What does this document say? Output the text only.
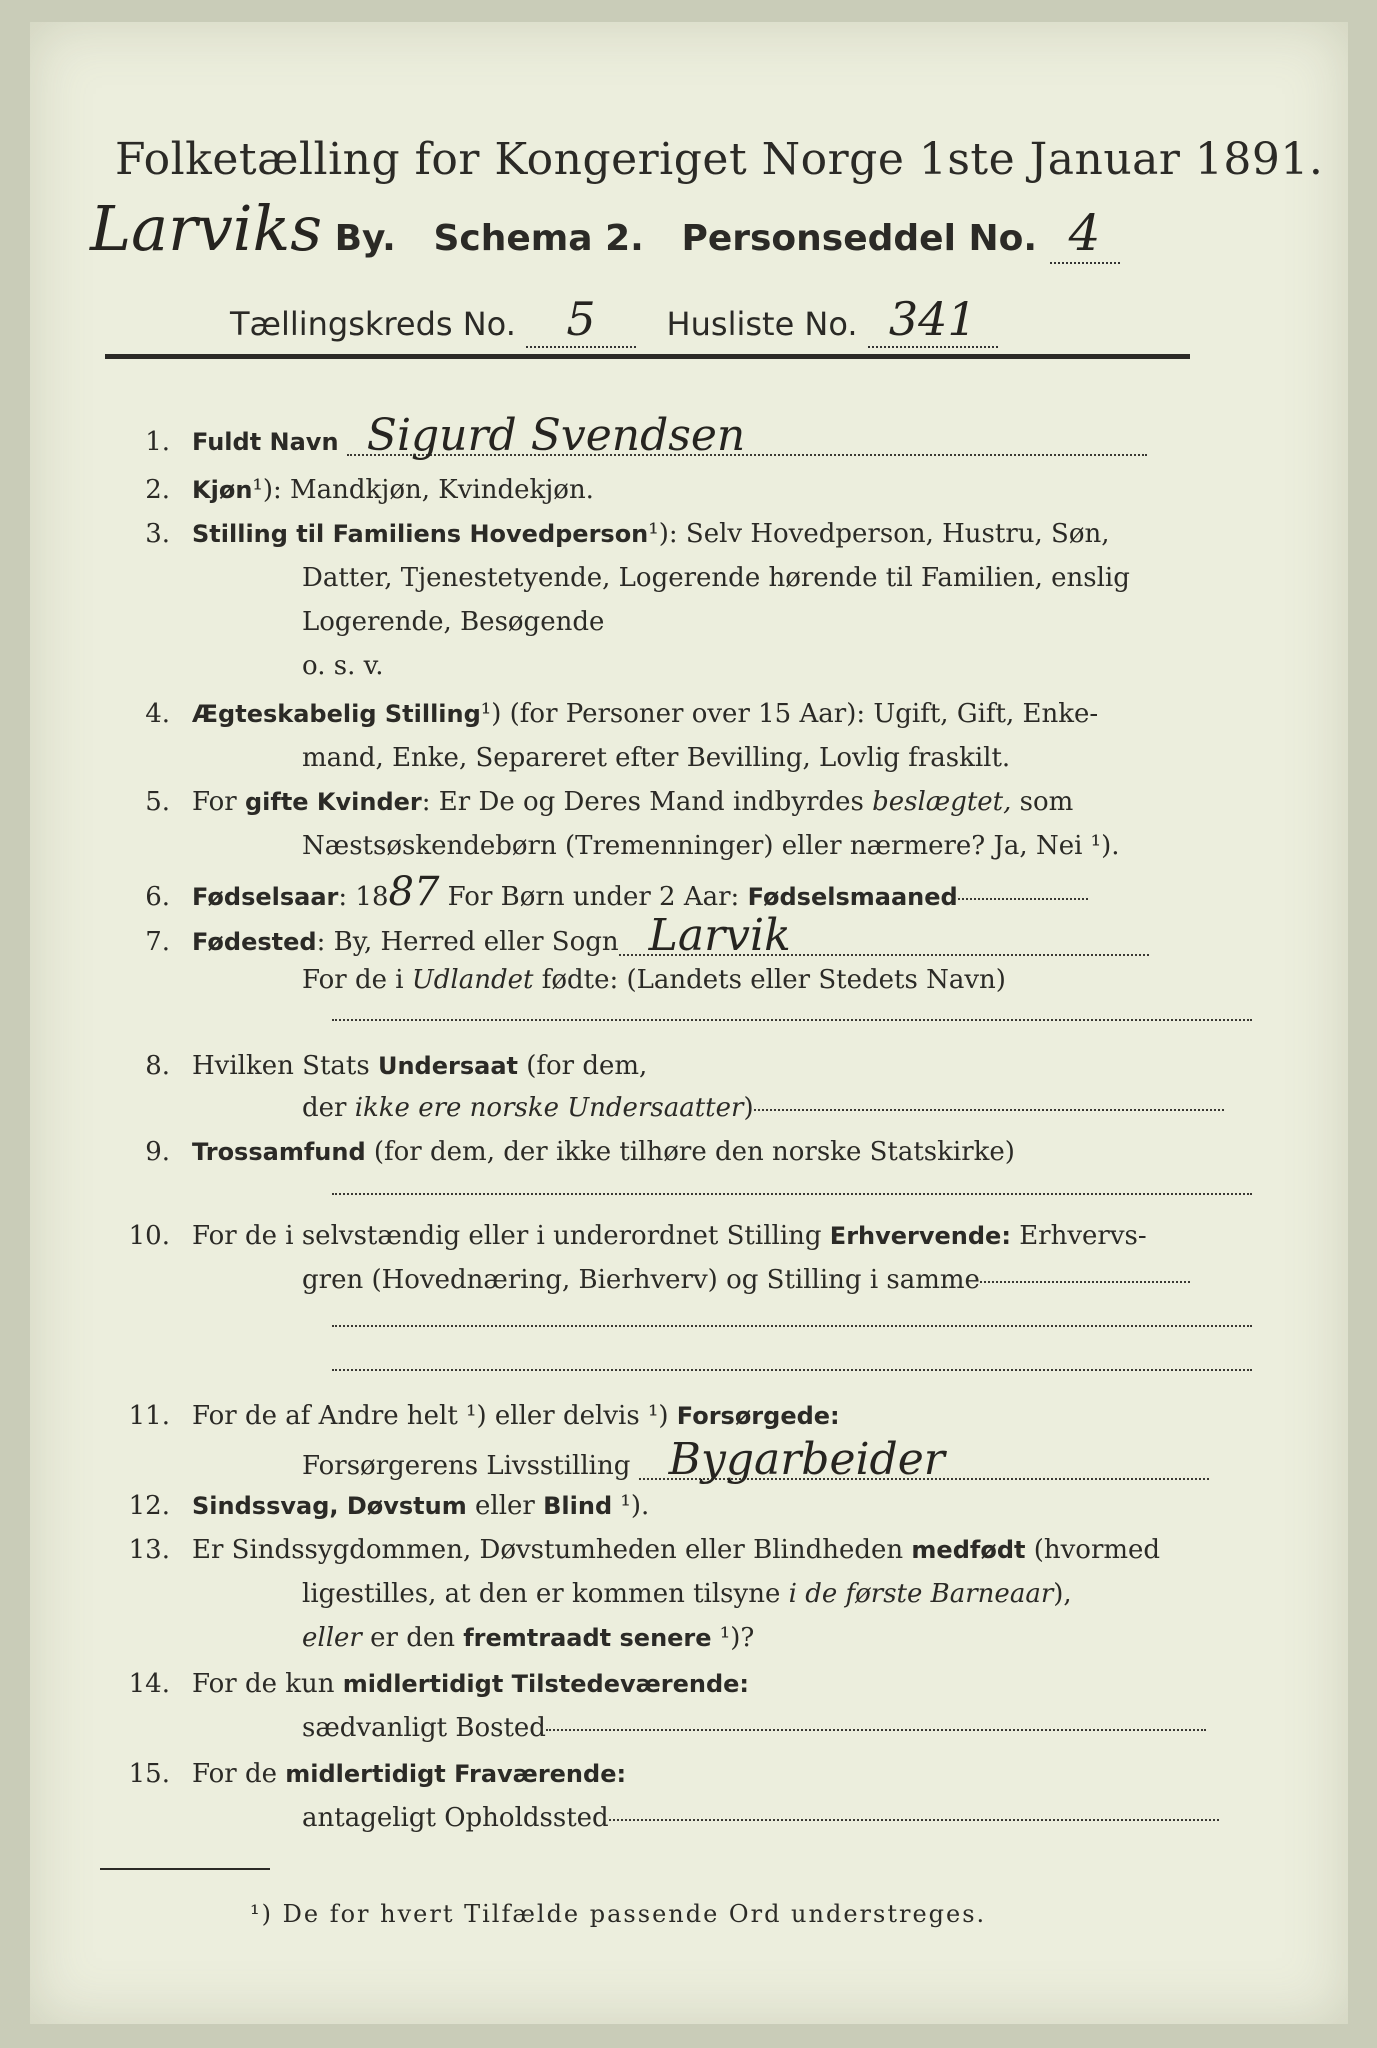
Folketælling for Kongeriget Norge 1ste Januar 1891.
Larviks By. Schema 2. Personseddel No. 4
Tællingskreds No. 5 Husliste No. 341
1. Fuldt Navn Sigurd Svendsen
2. Kjøn¹): Mandkjøn, Kvindekjøn.
3. Stilling til Familiens Hovedperson¹): Selv Hovedperson, Hustru, Søn,
Datter, Tjenestetyende, Logerende hørende til Familien, enslig
Logerende, Besøgende
o. s. v.
4. Ægteskabelig Stilling¹) (for Personer over 15 Aar): Ugift, Gift, Enke-
mand, Enke, Separeret efter Bevilling, Lovlig fraskilt.
5. For gifte Kvinder: Er De og Deres Mand indbyrdes beslægtet, som
Næstsøskendebørn (Tremenninger) eller nærmere? Ja, Nei ¹).
6. Fødselsaar: 1887 For Børn under 2 Aar: Fødselsmaaned
7. Fødested: By, Herred eller Sogn Larvik
For de i Udlandet fødte: (Landets eller Stedets Navn)
8. Hvilken Stats Undersaat (for dem,
der ikke ere norske Undersaatter)
9. Trossamfund (for dem, der ikke tilhøre den norske Statskirke)
10. For de i selvstændig eller i underordnet Stilling Erhvervende: Erhvervs-
gren (Hovednæring, Bierhverv) og Stilling i samme
11. For de af Andre helt ¹) eller delvis ¹) Forsørgede:
Forsørgerens Livsstilling Bygarbeider
12. Sindssvag, Døvstum eller Blind ¹).
13. Er Sindssygdommen, Døvstumheden eller Blindheden medfødt (hvormed
ligestilles, at den er kommen tilsyne i de første Barneaar),
eller er den fremtraadt senere ¹)?
14. For de kun midlertidigt Tilstedeværende:
sædvanligt Bosted
15. For de midlertidigt Fraværende:
antageligt Opholdssted
¹) De for hvert Tilfælde passende Ord understreges.
